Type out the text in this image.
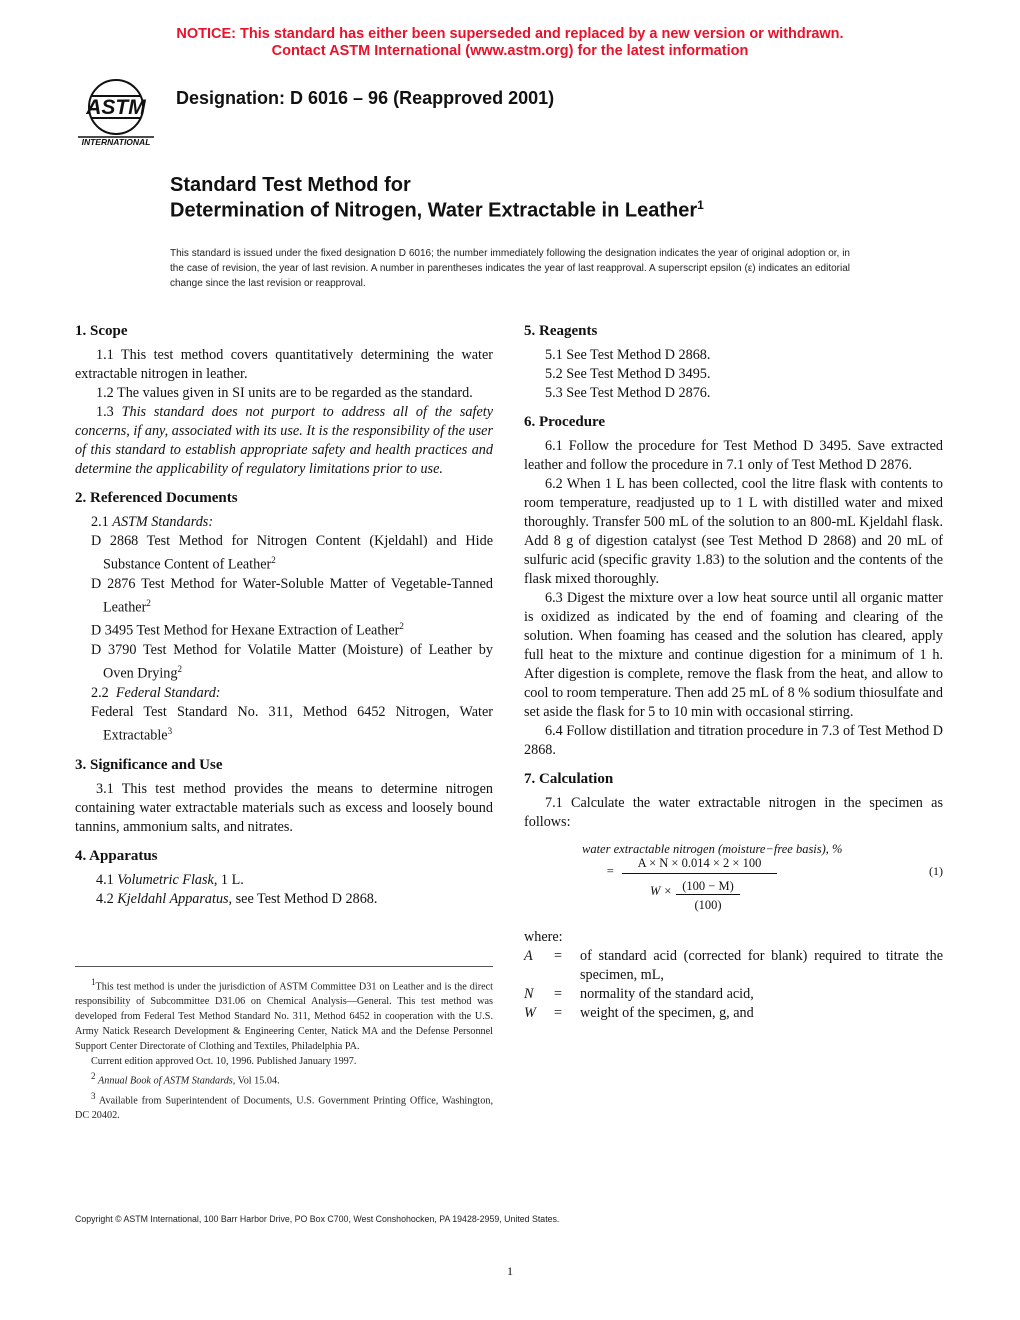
NOTICE: This standard has either been superseded and replaced by a new version or withdrawn.
Contact ASTM International (www.astm.org) for the latest information
ASTM
INTERNATIONAL
Designation: D 6016 – 96 (Reapproved 2001)
Standard Test Method for
Determination of Nitrogen, Water Extractable in Leather$^1$
This standard is issued under the fixed designation D 6016; the number immediately following the designation indicates the year of original adoption or, in the case of revision, the year of last revision. A number in parentheses indicates the year of last reapproval. A superscript epsilon (ε) indicates an editorial change since the last revision or reapproval.
1. Scope

1.1 This test method covers quantitatively determining the water extractable nitrogen in leather.

1.2 The values given in SI units are to be regarded as the standard.

1.3 This standard does not purport to address all of the safety concerns, if any, associated with its use. It is the responsibility of the user of this standard to establish appropriate safety and health practices and determine the applicability of regulatory limitations prior to use.

2. Referenced Documents
2.1 ASTM Standards:
D 2868 Test Method for Nitrogen Content (Kjeldahl) and Hide Substance Content of Leather$^2$
D 2876 Test Method for Water-Soluble Matter of Vegetable-Tanned Leather$^2$
D 3495 Test Method for Hexane Extraction of Leather$^2$
D 3790 Test Method for Volatile Matter (Moisture) of Leather by Oven Drying$^2$
2.2 Federal Standard:
Federal Test Standard No. 311, Method 6452 Nitrogen, Water Extractable$^3$
3. Significance and Use

3.1 This test method provides the means to determine nitrogen containing water extractable materials such as excess and loosely bound tannins, ammonium salts, and nitrates.

4. Apparatus

4.1 Volumetric Flask, 1 L.

4.2 Kjeldahl Apparatus, see Test Method D 2868.

$^1$This test method is under the jurisdiction of ASTM Committee D31 on Leather and is the direct responsibility of Subcommittee D31.06 on Chemical Analysis—General. This test method was developed from Federal Test Method Standard No. 311, Method 6452 in cooperation with the U.S. Army Natick Research Development & Engineering Center, Natick MA and the Defense Personnel Support Center Directorate of Clothing and Textiles, Philadelphia PA.

Current edition approved Oct. 10, 1996. Published January 1997.

$^2$ Annual Book of ASTM Standards, Vol 15.04.

$^3$ Available from Superintendent of Documents, U.S. Government Printing Office, Washington, DC 20402.

5. Reagents

5.1 See Test Method D 2868.

5.2 See Test Method D 3495.

5.3 See Test Method D 2876.

6. Procedure

6.1 Follow the procedure for Test Method D 3495. Save extracted leather and follow the procedure in 7.1 only of Test Method D 2876.

6.2 When 1 L has been collected, cool the litre flask with contents to room temperature, readjusted up to 1 L with distilled water and mixed thoroughly. Transfer 500 mL of the solution to an 800-mL Kjeldahl flask. Add 8 g of digestion catalyst (see Test Method D 2868) and 20 mL of sulfuric acid (specific gravity 1.83) to the solution and the contents of the flask mixed thoroughly.

6.3 Digest the mixture over a low heat source until all organic matter is oxidized as indicated by the end of foaming and clearing of the solution. When foaming has ceased and the solution has cleared, apply full heat to the mixture and continue digestion for a minimum of 1 h. After digestion is complete, remove the flask from the heat, and allow to cool to room temperature. Then add 25 mL of 8 % sodium thiosulfate and set aside the flask for 5 to 10 min with occasional stirring.

6.4 Follow distillation and titration procedure in 7.3 of Test Method D 2868.

7. Calculation

7.1 Calculate the water extractable nitrogen in the specimen as follows:

water extractable nitrogen (moisture−free basis), %
=
A × N × 0.014 × 2 × 100
W × (100 − M)
(100)
(1)
where:
A	=	of standard acid (corrected for blank) required to titrate the specimen, mL,
N	=	normality of the standard acid,
W	=	weight of the specimen, g, and
Copyright © ASTM International, 100 Barr Harbor Drive, PO Box C700, West Conshohocken, PA 19428-2959, United States.
1
